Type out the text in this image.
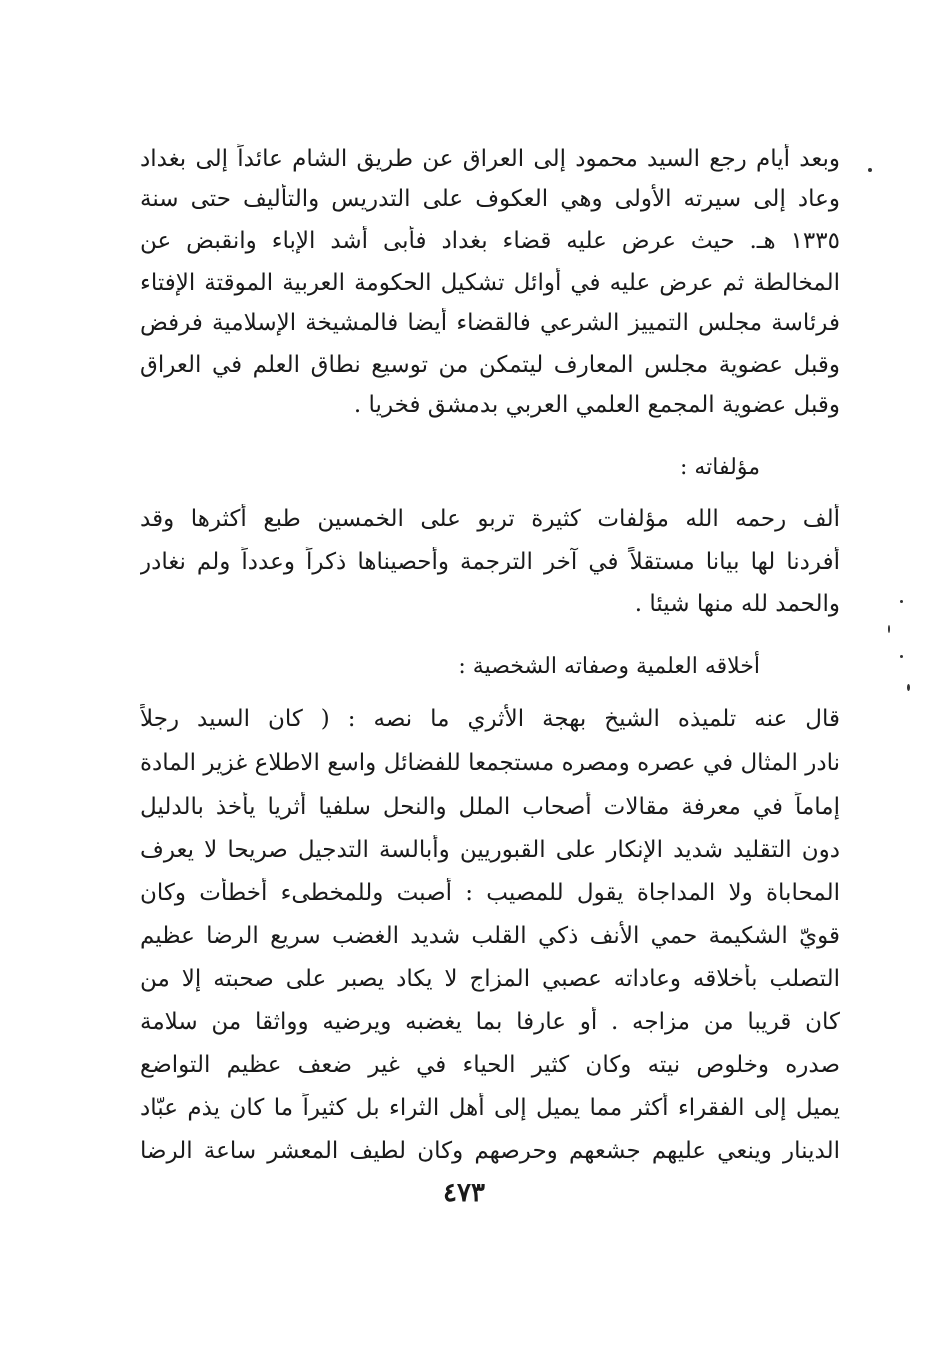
وبعد أيام رجع السيد محمود إلى العراق عن طريق الشام عائداً إلى بغداد
وعاد إلى سيرته الأولى وهي العكوف على التدريس والتأليف حتى سنة
١٣٣٥ هـ. حيث عرض عليه قضاء بغداد فأبى أشد الإباء وانقبض عن
المخالطة ثم عرض عليه في أوائل تشكيل الحكومة العربية الموقتة الإفتاء
فرئاسة مجلس التمييز الشرعي فالقضاء أيضا فالمشيخة الإسلامية فرفض
وقبل عضوية مجلس المعارف ليتمكن من توسيع نطاق العلم في العراق
وقبل عضوية المجمع العلمي العربي بدمشق فخريا .
مؤلفاته :
ألف رحمه الله مؤلفات كثيرة تربو على الخمسين طبع أكثرها وقد
أفردنا لها بيانا مستقلاً في آخر الترجمة وأحصيناها ذكراً وعدداً ولم نغادر
والحمد لله منها شيئا .
أخلاقه العلمية وصفاته الشخصية :
قال عنه تلميذه الشيخ بهجة الأثري ما نصه : ( كان السيد رجلاً
نادر المثال في عصره ومصره مستجمعا للفضائل واسع الاطلاع غزير المادة
إماماً في معرفة مقالات أصحاب الملل والنحل سلفيا أثريا يأخذ بالدليل
دون التقليد شديد الإنكار على القبوريين وأبالسة التدجيل صريحا لا يعرف
المحاباة ولا المداجاة يقول للمصيب : أصبت وللمخطىء أخطأت وكان
قويّ الشكيمة حمي الأنف ذكي القلب شديد الغضب سريع الرضا عظيم
التصلب بأخلاقه وعاداته عصبي المزاج لا يكاد يصبر على صحبته إلا من
كان قريبا من مزاجه . أو عارفا بما يغضبه ويرضيه وواثقا من سلامة
صدره وخلوص نيته وكان كثير الحياء في غير ضعف عظيم التواضع
يميل إلى الفقراء أكثر مما يميل إلى أهل الثراء بل كثيراً ما كان يذم عبّاد
الدينار وينعي عليهم جشعهم وحرصهم وكان لطيف المعشر ساعة الرضا
٤٧٣
